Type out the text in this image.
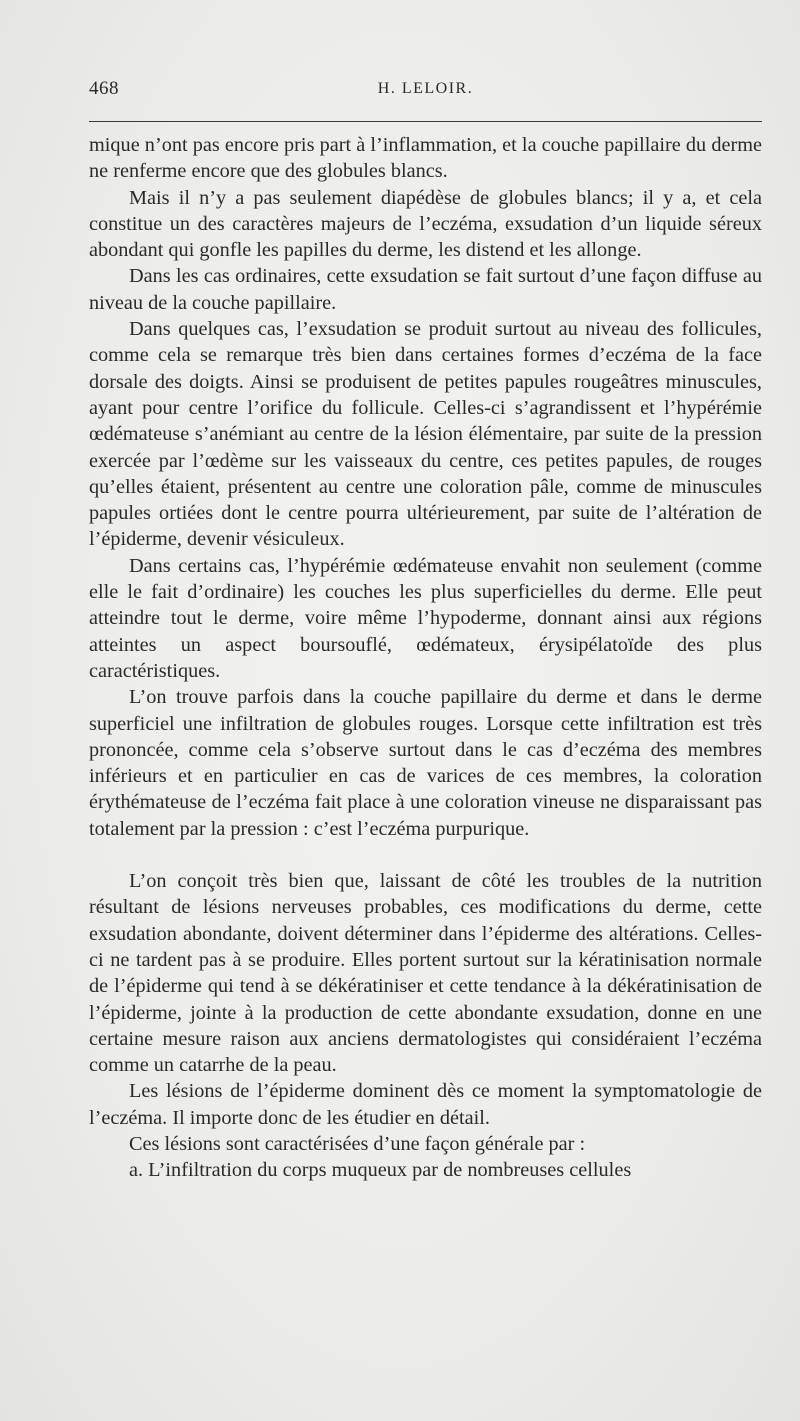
468	H. LELOIR.

mique n’ont pas encore pris part à l’inflammation, et la couche papillaire du derme ne renferme encore que des globules blancs.

Mais il n’y a pas seulement diapédèse de globules blancs; il y a, et cela constitue un des caractères majeurs de l’eczéma, exsudation d’un liquide séreux abondant qui gonfle les papilles du derme, les distend et les allonge.

Dans les cas ordinaires, cette exsudation se fait surtout d’une façon diffuse au niveau de la couche papillaire.

Dans quelques cas, l’exsudation se produit surtout au niveau des follicules, comme cela se remarque très bien dans certaines formes d’eczéma de la face dorsale des doigts. Ainsi se produisent de petites papules rougeâtres minuscules, ayant pour centre l’orifice du follicule. Celles-ci s’agrandissent et l’hypérémie œdémateuse s’anémiant au centre de la lésion élémentaire, par suite de la pression exercée par l’œdème sur les vaisseaux du centre, ces petites papules, de rouges qu’elles étaient, présentent au centre une coloration pâle, comme de minuscules papules ortiées dont le centre pourra ultérieurement, par suite de l’altération de l’épiderme, devenir vésiculeux.

Dans certains cas, l’hypérémie œdémateuse envahit non seulement (comme elle le fait d’ordinaire) les couches les plus superficielles du derme. Elle peut atteindre tout le derme, voire même l’hypoderme, donnant ainsi aux régions atteintes un aspect boursouflé, œdémateux, érysipélatoïde des plus caractéristiques.

L’on trouve parfois dans la couche papillaire du derme et dans le derme superficiel une infiltration de globules rouges. Lorsque cette infiltration est très prononcée, comme cela s’observe surtout dans le cas d’eczéma des membres inférieurs et en particulier en cas de varices de ces membres, la coloration érythémateuse de l’eczéma fait place à une coloration vineuse ne disparaissant pas totalement par la pression : c’est l’eczéma purpurique.

L’on conçoit très bien que, laissant de côté les troubles de la nutrition résultant de lésions nerveuses probables, ces modifications du derme, cette exsudation abondante, doivent déterminer dans l’épiderme des altérations. Celles-ci ne tardent pas à se produire. Elles portent surtout sur la kératinisation normale de l’épiderme qui tend à se dékératiniser et cette tendance à la dékératinisation de l’épiderme, jointe à la production de cette abondante exsudation, donne en une certaine mesure raison aux anciens dermatologistes qui considéraient l’eczéma comme un catarrhe de la peau.

Les lésions de l’épiderme dominent dès ce moment la symptomatologie de l’eczéma. Il importe donc de les étudier en détail.

Ces lésions sont caractérisées d’une façon générale par :

a. L’infiltration du corps muqueux par de nombreuses cellules
